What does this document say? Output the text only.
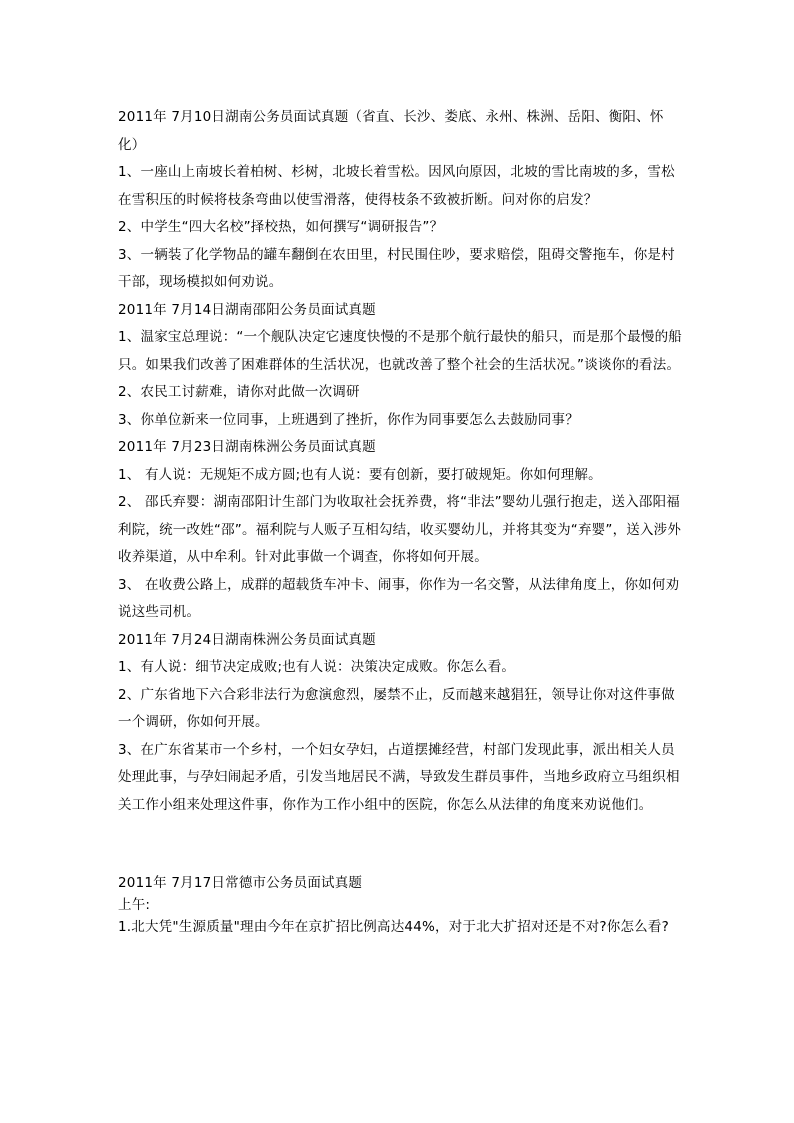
2011年 7月10日湖南公务员面试真题（省直、长沙、娄底、永州、株洲、岳阳、衡阳、怀化）

1、一座山上南坡长着柏树、杉树，北坡长着雪松。因风向原因，北坡的雪比南坡的多，雪松在雪积压的时候将枝条弯曲以使雪滑落，使得枝条不致被折断。问对你的启发？

2、中学生“四大名校”择校热，如何撰写“调研报告”？

3、一辆装了化学物品的罐车翻倒在农田里，村民围住吵，要求赔偿，阻碍交警拖车，你是村干部，现场模拟如何劝说。

2011年 7月14日湖南邵阳公务员面试真题

1、温家宝总理说：“一个舰队决定它速度快慢的不是那个航行最快的船只，而是那个最慢的船只。如果我们改善了困难群体的生活状况，也就改善了整个社会的生活状况。”谈谈你的看法。

2、农民工讨薪难，请你对此做一次调研

3、你单位新来一位同事，上班遇到了挫折，你作为同事要怎么去鼓励同事？

2011年 7月23日湖南株洲公务员面试真题

1、 有人说：无规矩不成方圆;也有人说：要有创新，要打破规矩。你如何理解。

2、 邵氏弃婴：湖南邵阳计生部门为收取社会抚养费，将“非法”婴幼儿强行抱走，送入邵阳福利院，统一改姓“邵”。福利院与人贩子互相勾结，收买婴幼儿，并将其变为“弃婴”，送入涉外收养渠道，从中牟利。针对此事做一个调查，你将如何开展。

3、 在收费公路上，成群的超载货车冲卡、闹事，你作为一名交警，从法律角度上，你如何劝说这些司机。

2011年 7月24日湖南株洲公务员面试真题

1、有人说：细节决定成败;也有人说：决策决定成败。你怎么看。

2、广东省地下六合彩非法行为愈演愈烈，屡禁不止，反而越来越猖狂，领导让你对这件事做一个调研，你如何开展。

3、在广东省某市一个乡村，一个妇女孕妇，占道摆摊经营，村部门发现此事，派出相关人员处理此事，与孕妇闹起矛盾，引发当地居民不满，导致发生群员事件，当地乡政府立马组织相关工作小组来处理这件事，你作为工作小组中的医院，你怎么从法律的角度来劝说他们。

2011年 7月17日常德市公务员面试真题

上午:

1.北大凭"生源质量"理由今年在京扩招比例高达44%，对于北大扩招对还是不对?你怎么看?
